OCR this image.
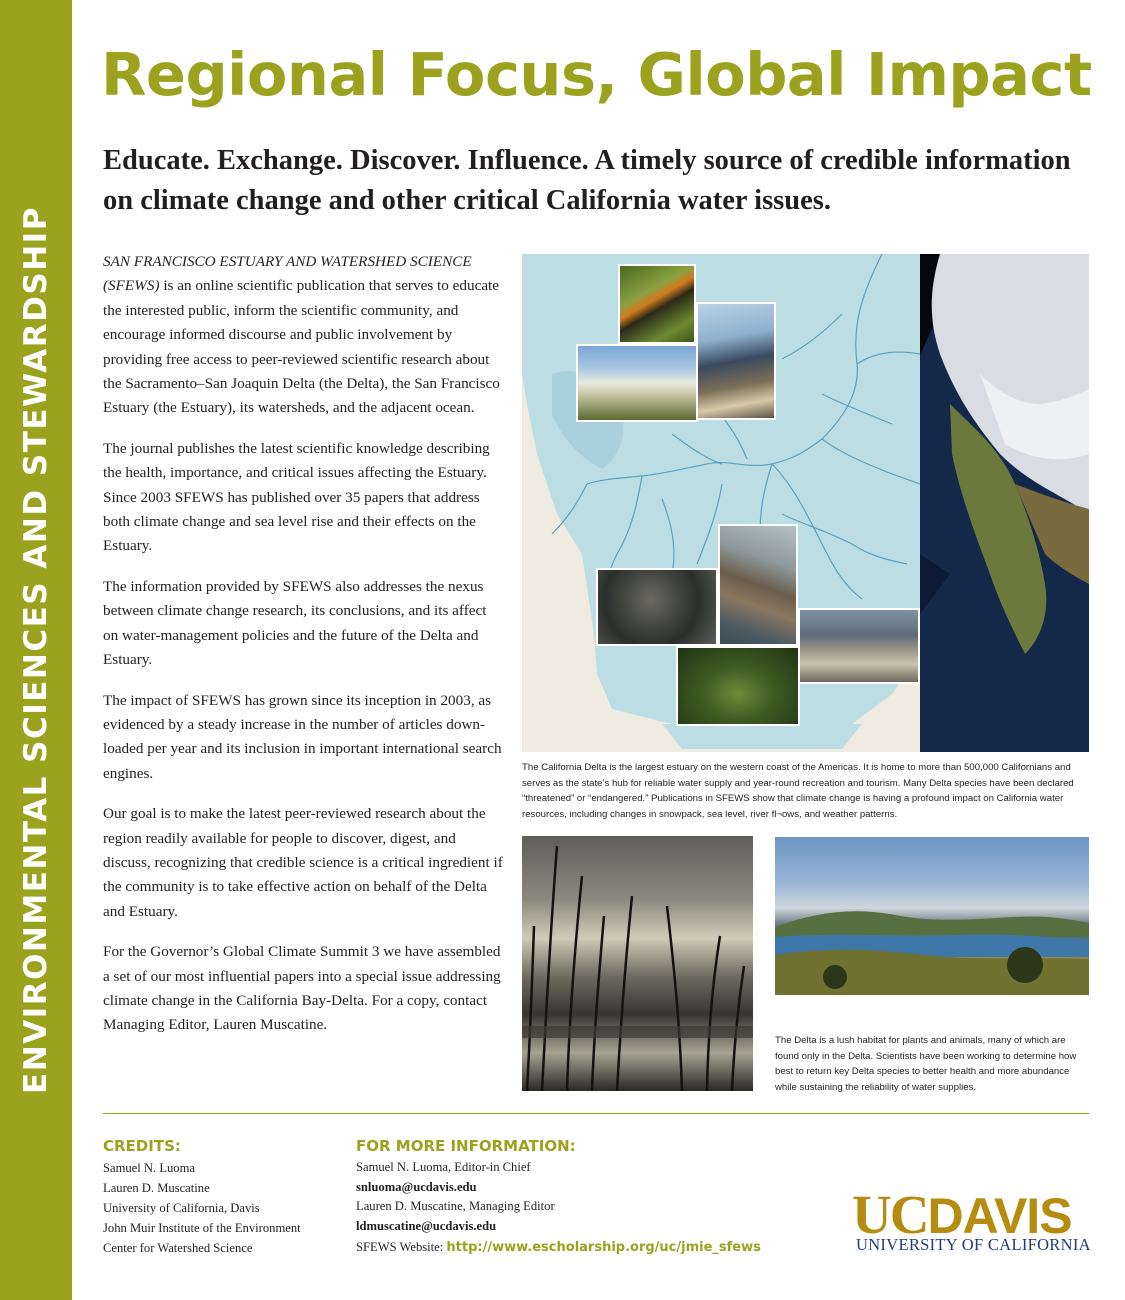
ENVIRONMENTAL SCIENCES AND STEWARDSHIP
Regional Focus, Global Impact
Educate. Exchange. Discover. Influence. A timely source of credible information on climate change and other critical California water issues.

SAN FRANCISCO ESTUARY AND WATERSHED SCIENCE (SFEWS) is an online scientific publication that serves to educate the interested public, inform the scientific community, and encourage informed discourse and public involvement by providing free access to peer-reviewed scientific research about the Sacramento–San Joaquin Delta (the Delta), the San Francisco Estuary (the Estuary), its watersheds, and the adjacent ocean.

The journal publishes the latest scientific knowledge describing the health, importance, and critical issues affecting the Estuary. Since 2003 SFEWS has published over 35 papers that address both climate change and sea level rise and their effects on the Estuary.

The information provided by SFEWS also addresses the nexus between climate change research, its conclusions, and its affect on water-management policies and the future of the Delta and Estuary.

The impact of SFEWS has grown since its inception in 2003, as evidenced by a steady increase in the number of articles down-loaded per year and its inclusion in important international search engines.

Our goal is to make the latest peer-reviewed research about the region readily available for people to discover, digest, and discuss, recognizing that credible science is a critical ingredient if the community is to take effective action on behalf of the Delta and Estuary.

For the Governor’s Global Climate Summit 3 we have assembled a set of our most influential papers into a special issue addressing climate change in the California Bay-Delta. For a copy, contact Managing Editor, Lauren Muscatine.

The California Delta is the largest estuary on the western coast of the Americas. It is home to more than 500,000 Californians and serves as the state’s hub for reliable water supply and year-round recreation and tourism. Many Delta species have been declared “threatened” or “endangered.” Publications in SFEWS show that climate change is having a profound impact on California water resources, including changes in snowpack, sea level, river fl¬ows, and weather patterns.
The Delta is a lush habitat for plants and animals, many of which are found only in the Delta. Scientists have been working to determine how best to return key Delta species to better health and more abundance while sustaining the reliability of water supplies.
CREDITS:
Samuel N. Luoma
Lauren D. Muscatine
University of California, Davis
John Muir Institute of the Environment
Center for Watershed Science
FOR MORE INFORMATION:
Samuel N. Luoma, Editor-in Chief
snluoma@ucdavis.edu
Lauren D. Muscatine, Managing Editor
ldmuscatine@ucdavis.edu
SFEWS Website: http://www.escholarship.org/uc/jmie_sfews
UCDAVIS
UNIVERSITY OF CALIFORNIA
